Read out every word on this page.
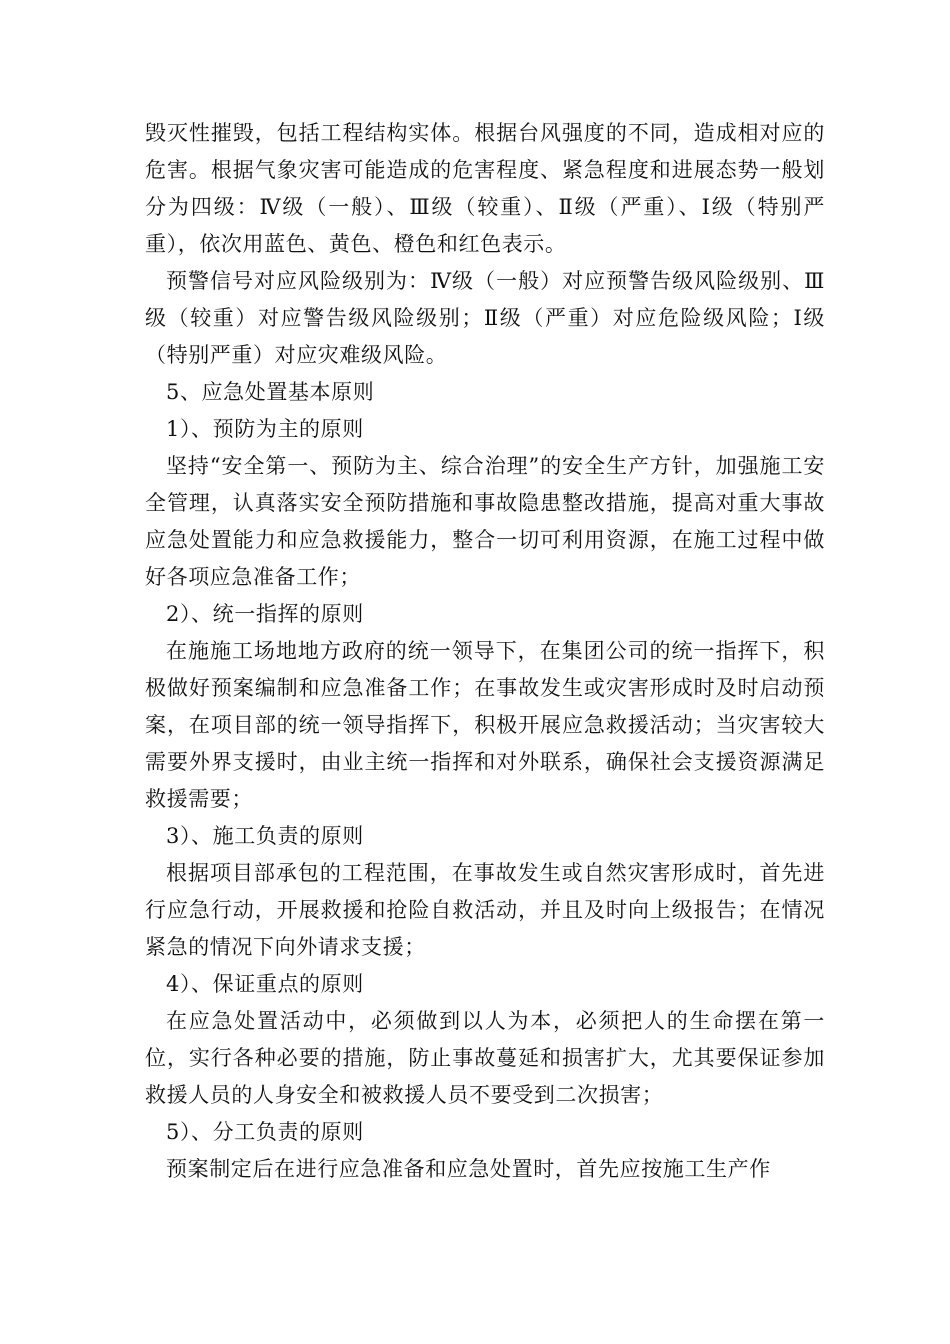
毁灭性摧毁，包括工程结构实体。根据台风强度的不同，造成相对应的危害。根据气象灾害可能造成的危害程度、紧急程度和进展态势一般划分为四级：Ⅳ级（一般）、Ⅲ级（较重）、Ⅱ级（严重）、Ⅰ级（特别严重），依次用蓝色、黄色、橙色和红色表示。

预警信号对应风险级别为：Ⅳ级（一般）对应预警告级风险级别、Ⅲ级（较重）对应警告级风险级别；Ⅱ级（严重）对应危险级风险；Ⅰ级（特别严重）对应灾难级风险。

5、应急处置基本原则

1）、预防为主的原则

坚持“安全第一、预防为主、综合治理”的安全生产方针，加强施工安全管理，认真落实安全预防措施和事故隐患整改措施，提高对重大事故应急处置能力和应急救援能力，整合一切可利用资源，在施工过程中做好各项应急准备工作；

2）、统一指挥的原则

在施施工场地地方政府的统一领导下，在集团公司的统一指挥下，积极做好预案编制和应急准备工作；在事故发生或灾害形成时及时启动预案，在项目部的统一领导指挥下，积极开展应急救援活动；当灾害较大需要外界支援时，由业主统一指挥和对外联系，确保社会支援资源满足救援需要；

3）、施工负责的原则

根据项目部承包的工程范围，在事故发生或自然灾害形成时，首先进行应急行动，开展救援和抢险自救活动，并且及时向上级报告；在情况紧急的情况下向外请求支援；

4）、保证重点的原则

在应急处置活动中，必须做到以人为本，必须把人的生命摆在第一位，实行各种必要的措施，防止事故蔓延和损害扩大，尤其要保证参加救援人员的人身安全和被救援人员不要受到二次损害；

5）、分工负责的原则

预案制定后在进行应急准备和应急处置时，首先应按施工生产作
